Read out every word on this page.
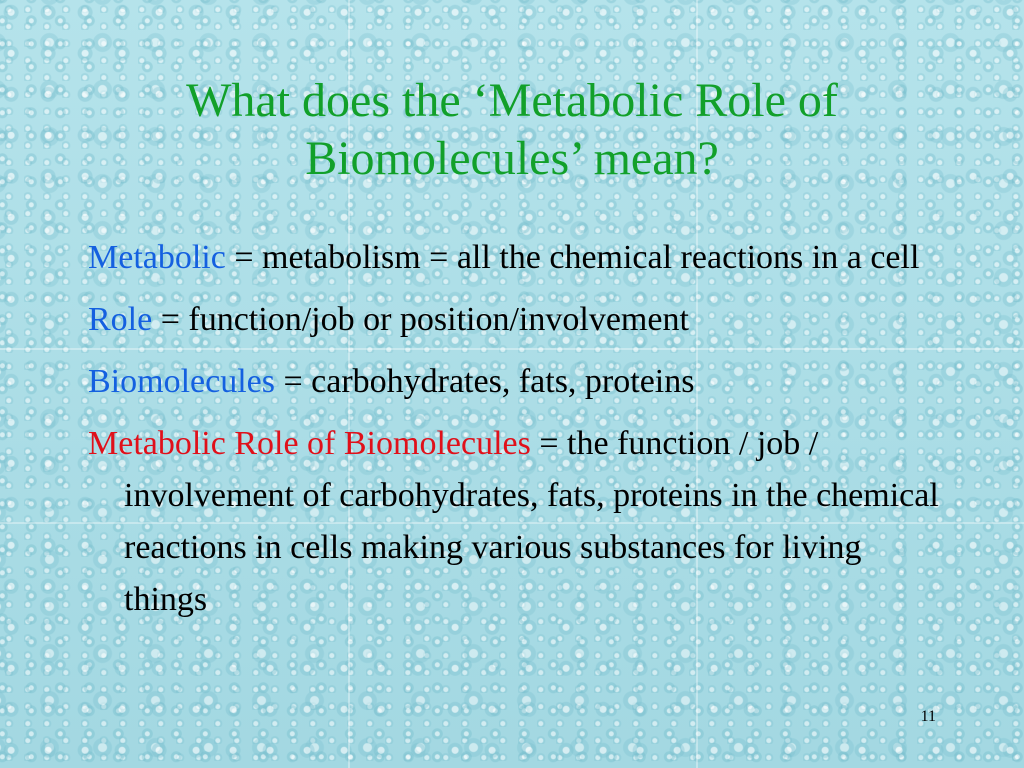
What does the ‘Metabolic Role of
Biomolecules’ mean?
Metabolic = metabolism = all the chemical reactions in a cell
Role = function/job or position/involvement
Biomolecules = carbohydrates, fats, proteins
Metabolic Role of Biomolecules = the function / job / involvement of carbohydrates, fats, proteins in the chemical reactions in cells making various substances for living things
11
